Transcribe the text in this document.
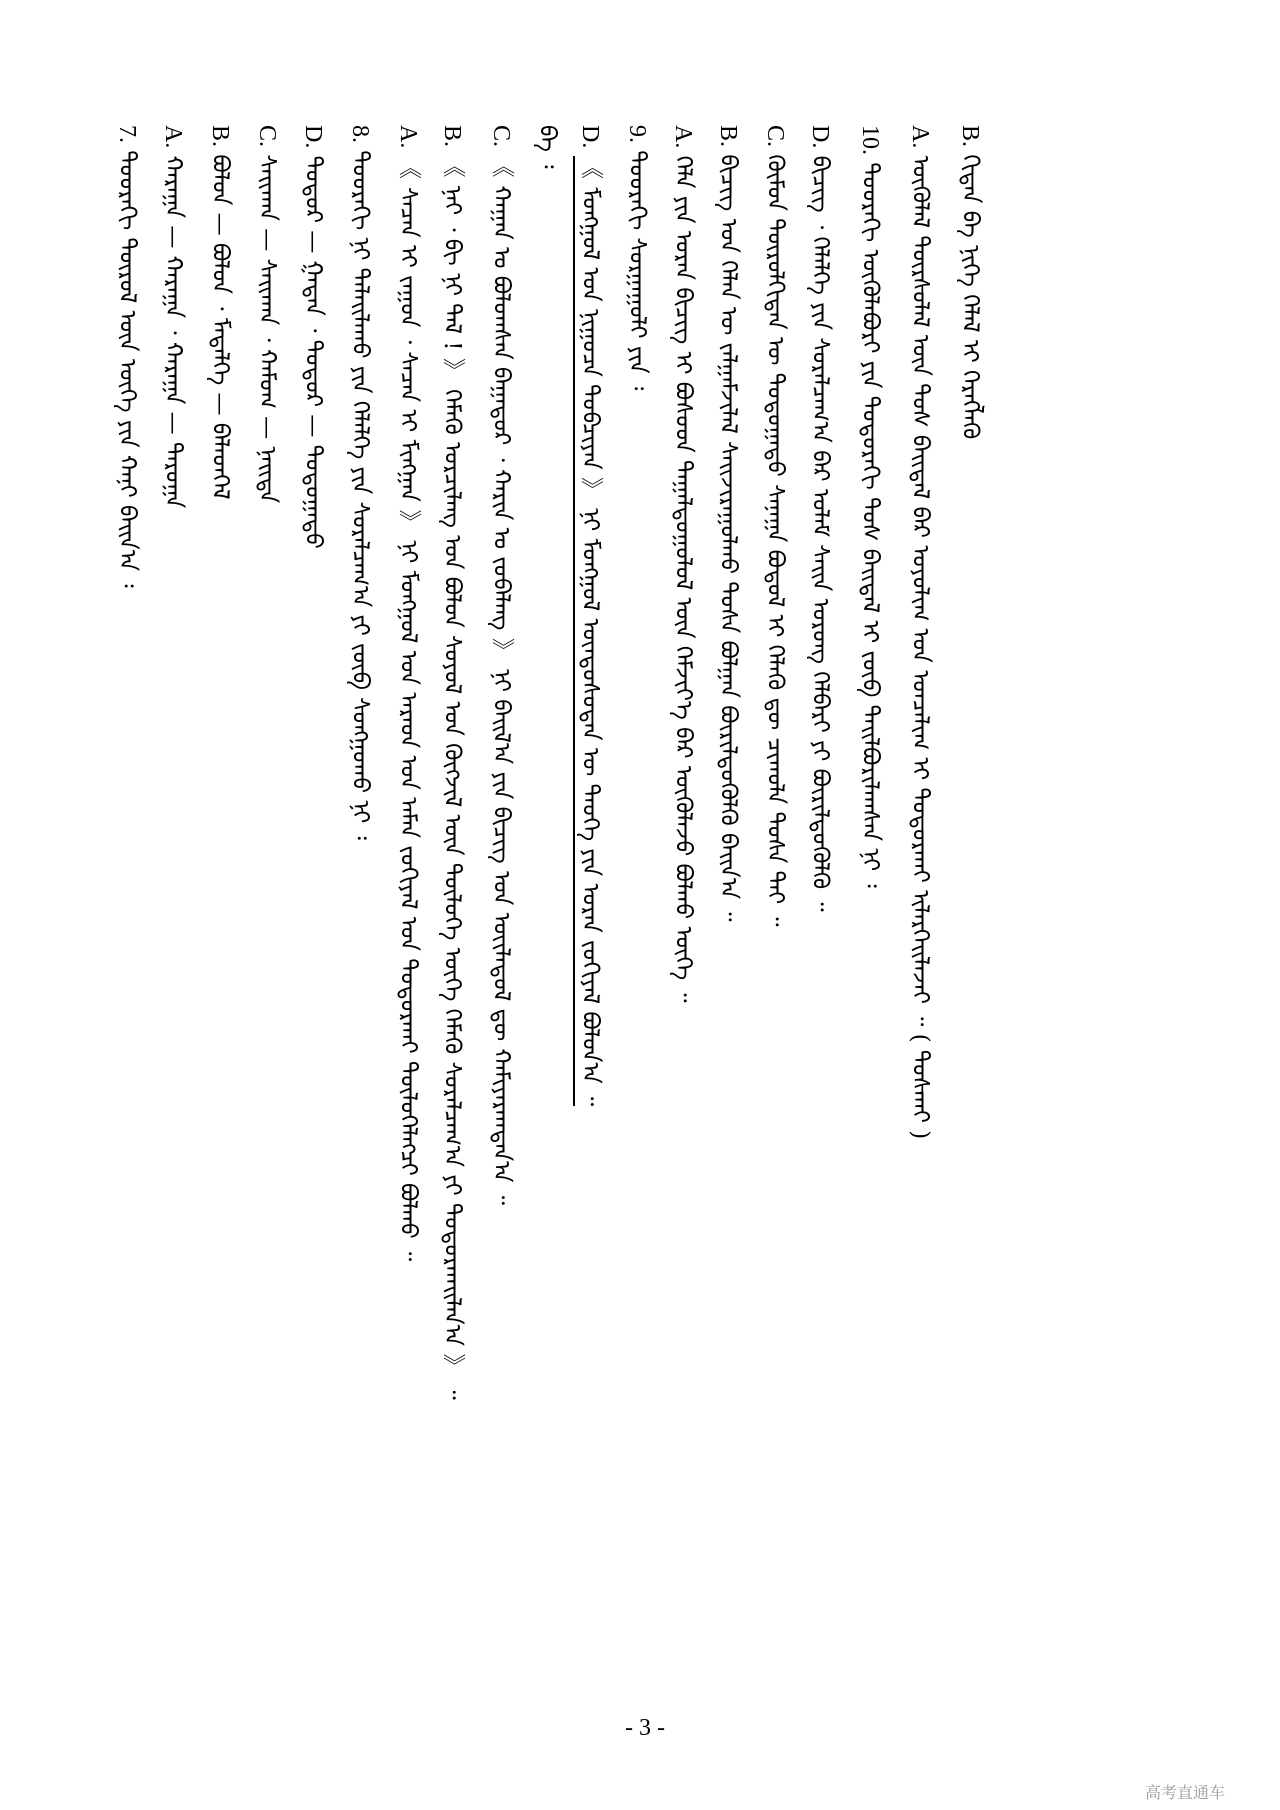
B. ᠬᠢᠳᠠᠨ ᠪᠠ ᠨᠢᠭᠡ ᠬᠡᠯᠡᠯ ᠢ ᠬᠡᠷᠡᠭᠯᠡᠬᠦ
A. ᠦᠭᠦᠯᠡᠯ ᠳᠦᠷᠰᠦᠯᠡᠯ ᠦᠨ ᠲᠤᠰ ᠪᠠᠢᠳᠠᠯ ᠪᠠᠷ ᠤᠶᠤᠯᠢᠭ ᠤᠨ ᠣᠨᠴᠠᠯᠢᠭ ᠢ ᠲᠣᠳᠣᠷᠬᠠᠢ ᠢᠯᠡᠷᠬᠡᠢᠯᠡᠵᠡᠢ ᠃ ( ᠲᠤᠰᠬᠠᠢ )
10. ᠳᠣᠣᠷᠠᠬᠢ ᠦᠭᠦᠯᠡᠪᠦᠷᠢ ᠶᠢᠨ ᠳᠣᠲᠣᠷᠠᠬᠢ ᠲᠤᠰ ᠪᠠᠢᠳᠠᠯ ᠢ ᠵᠥᠪ ᠲᠠᠢᠯᠪᠤᠷᠢᠯᠠᠭᠰᠠᠨ ᠨᠢ ᠄
D. ᠪᠢᠴᠢᠭ ᠂ ᠬᠡᠯᠡᠯᠭᠡ ᠶᠢᠨ ᠰᠤᠷᠠᠯᠴᠠᠭ᠎ᠠ ᠪᠠᠷ ᠤᠯᠠᠮ ᠰᠠᠢᠨ ᠤᠷᠤᠩ ᠬᠡᠯᠪᠡᠷᠢ ᠶᠢ ᠪᠦᠷᠢᠯᠳᠦᠭᠦᠯᠬᠦ ᠃
C. ᠬᠦᠮᠦᠨ ᠲᠥᠷᠦᠯᠬᠢᠲᠡᠨ ᠦ ᠳᠣᠲᠣᠭᠠᠳᠤ ᠰᠠᠨᠠᠭᠠ ᠪᠣᠳᠤᠯ ᠢ ᠬᠡᠯᠡᠬᠦ ᠳᠦ ᠴᠢᠬᠤᠯᠠ ᠲᠤᠰᠠ ᠲᠠᠢ ᠃
B. ᠪᠢᠴᠢᠭ ᠤᠨ ᠬᠡᠯᠡᠨ ᠦ ᠵᠠᠯᠭᠠᠮᠵᠢᠯᠠᠯ ᠰᠠᠢᠵᠢᠷᠠᠭᠤᠯᠬᠤ ᠲᠤᠰᠠ ᠪᠣᠯᠭᠠᠨ ᠪᠦᠷᠢᠯᠳᠦᠭᠦᠯᠬᠦ ᠪᠠᠢᠨ᠎ᠠ ᠃
A. ᠬᠡᠯᠡ ᠶᠢᠨ ᠤᠷᠠᠨ ᠪᠢᠴᠢᠭ ᠢ ᠪᠤᠰᠤᠳ ᠳᠠᠭᠠᠯᠳᠤᠭᠤᠯᠤᠯ ᠦᠨ ᠬᠡᠮᠵᠢᠶ᠎ᠡ ᠪᠠᠷ ᠦᠭᠦᠯᠡᠵᠦ ᠪᠣᠯᠬᠤ ᠦᠭᠡ ᠃
9. ᠳᠣᠣᠷᠠᠬᠢ ᠰᠤᠷᠭᠠᠭᠤᠯᠢ ᠶᠢᠨ ᠄
D. 《 ᠮᠣᠩᠭᠣᠯ ᠤᠨ ᠨᠢᠭᠤᠴᠠ ᠲᠣᠪᠴᠢᠶᠠᠨ 》 ᠨᠢ ᠮᠣᠩᠭᠣᠯ ᠦᠨᠳᠦᠰᠦᠲᠡᠨ ᠦ ᠲᠡᠦᠬᠡ ᠶᠢᠨ ᠤᠷᠠᠨ ᠵᠣᠬᠢᠶᠠᠯ ᠪᠣᠯᠤᠨ᠎ᠠ ᠃
ᠪᠡ ᠄
C. 《 ᠬᠠᠭᠠᠨ ᠤ ᠪᠣᠯᠤᠭᠰᠠᠨ ᠪᠠᠭᠠᠳᠤᠷ ᠂ ᠬᠠᠷᠢᠨ ᠤ ᠵᠣᠪᠠᠯᠠᠩ 》 ᠨᠢ ᠪᠠᠢᠯ᠎ᠠ ᠶᠢᠨ ᠪᠢᠴᠢᠭ ᠤᠨ ᠦᠢᠯᠡᠳᠦᠯ ᠳᠦ ᠬᠠᠮᠢᠶᠠᠷᠠᠭᠳᠠᠨ᠎ᠠ ᠃
B. 《 ᠨᠠᠢ ᠂ ᠪᠢ ᠨᠢ ᠲᠡᠯ ! 》 ᠬᠡᠮᠡᠬᠦ ᠣᠷᠴᠢᠯᠠᠩ ᠤᠨ ᠪᠣᠯᠤᠨ ᠰᠣᠶᠣᠯ ᠤᠨ ᠬᠥᠭᠵᠢᠯ ᠦᠨ ᠲᠥᠯᠥᠭᠡ ᠦᠭᠡ ᠬᠡᠮᠡᠬᠦ ᠰᠤᠷᠠᠯᠴᠠᠭ᠎ᠠ ᠶᠢ ᠲᠣᠳᠣᠷᠬᠠᠢᠯᠠᠨ᠎ᠠ 》 ᠃
A. 《 ᠰᠡᠴᠡᠨ ᠢ ᠵᠠᠭᠤᠨ ᠂ ᠰᠡᠴᠡᠨ ᠢ ᠮᠢᠩᠭᠠᠨ 》 ᠨᠢ ᠮᠣᠩᠭᠣᠯ ᠤᠨ ᠠᠷᠠᠳ ᠤᠨ ᠠᠮᠠᠨ ᠵᠣᠬᠢᠶᠠᠯ ᠤᠨ ᠲᠣᠳᠣᠷᠬᠠᠢ ᠲᠥᠯᠥᠭᠡᠯᠡᠭᠴᠢ ᠪᠣᠯᠬᠤ ᠃
8. ᠳᠣᠣᠷᠠᠬᠢ ᠨᠢ ᠳᠠᠯᠠᠢᠯᠠᠬᠤ ᠶᠢᠨ ᠬᠡᠯᠡᠯᠭᠡ ᠶᠢᠨ ᠰᠤᠷᠠᠯᠴᠠᠭ᠎ᠠ ᠶᠢ ᠵᠥᠪ ᠰᠣᠩᠭᠣᠬᠤ ᠨᠢ ᠄
D. ᠳᠣᠲᠣᠷ — ᠭᠠᠳᠠᠨ ᠂ ᠳᠣᠲᠣᠷ — ᠳᠣᠲᠣᠭᠠᠳᠤ
C. ᠰᠠᠢᠬᠠᠨ — ᠰᠠᠢᠬᠠᠨ ᠂ ᠬᠠᠮᠤᠭ — ᠨᠡᠢᠲᠡ
B. ᠪᠣᠯᠤᠨ — ᠪᠣᠯᠤᠨ ᠂ ᠮᠡᠳᠡᠯᠭᠡ — ᠪᠡᠯᠡᠳᠬᠡᠯ
A. ᠬᠠᠷᠠᠭᠠ — ᠬᠠᠷᠠᠭᠠ ᠂ ᠬᠠᠷᠠᠭᠠ — ᠳᠠᠷᠤᠭᠠ
7. ᠳᠣᠣᠷᠠᠬᠢ ᠲᠥᠷᠥᠯ ᠦᠨ ᠦᠭᠡ ᠶᠢᠨ ᠬᠠᠨᠢ ᠪᠠᠢᠨ᠎ᠠ ᠄
- 3 -
高考直通车
